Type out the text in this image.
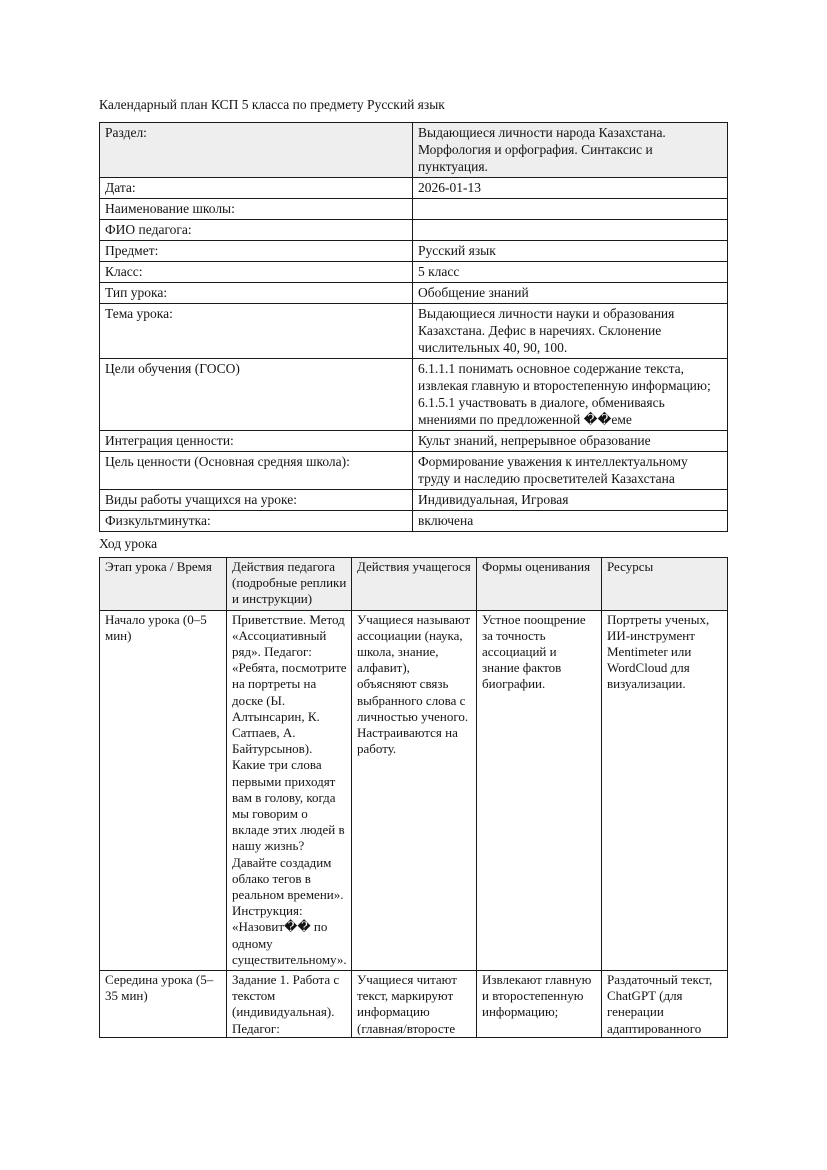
Календарный план КСП 5 класса по предмету Русский язык
Раздел:	Выдающиеся личности народа Казахстана. Морфология и орфография. Синтаксис и пунктуация.
Дата:	2026-01-13
Наименование школы:	
ФИО педагога:	
Предмет:	Русский язык
Класс:	5 класс
Тип урока:	Обобщение знаний
Тема урока:	Выдающиеся личности науки и образования Казахстана. Дефис в наречиях. Склонение числительных 40, 90, 100.
Цели обучения (ГОСО)	6.1.1.1 понимать основное содержание текста, извлекая главную и второстепенную информацию; 6.1.5.1 участвовать в диалоге, обмениваясь мнениями по предложенной ��еме
Интеграция ценности:	Культ знаний, непрерывное образование
Цель ценности (Основная средняя школа):	Формирование уважения к интеллектуальному труду и наследию просветителей Казахстана
Виды работы учащихся на уроке:	Индивидуальная, Игровая
Физкультминутка:	включена
Ход урока
Этап урока / Время	Действия педагога (подробные реплики и инструкции)	Действия учащегося	Формы оценивания	Ресурсы
Начало урока (0–5 мин)	Приветствие. Метод «Ассоциативный ряд». Педагог: «Ребята, посмотрите на портреты на доске (Ы. Алтынсарин, К. Сатпаев, А. Байтурсынов). Какие три слова первыми приходят вам в голову, когда мы говорим о вкладе этих людей в нашу жизнь? Давайте создадим облако тегов в реальном времени». Инструкция: «Назовит�� по одному существительному».	Учащиеся называют ассоциации (наука, школа, знание, алфавит), объясняют связь выбранного слова с личностью ученого. Настраиваются на работу.	Устное поощрение за точность ассоциаций и знание фактов биографии.	Портреты ученых, ИИ-инструмент Mentimeter или WordCloud для визуализации.

Середина урока (5–35 мин)	Задание 1. Работа с текстом (индивидуальная). Педагог:	Учащиеся читают текст, маркируют информацию (главная/второсте	Извлекают главную и второстепенную информацию;	Раздаточный текст, ChatGPT (для генерации адаптированного
